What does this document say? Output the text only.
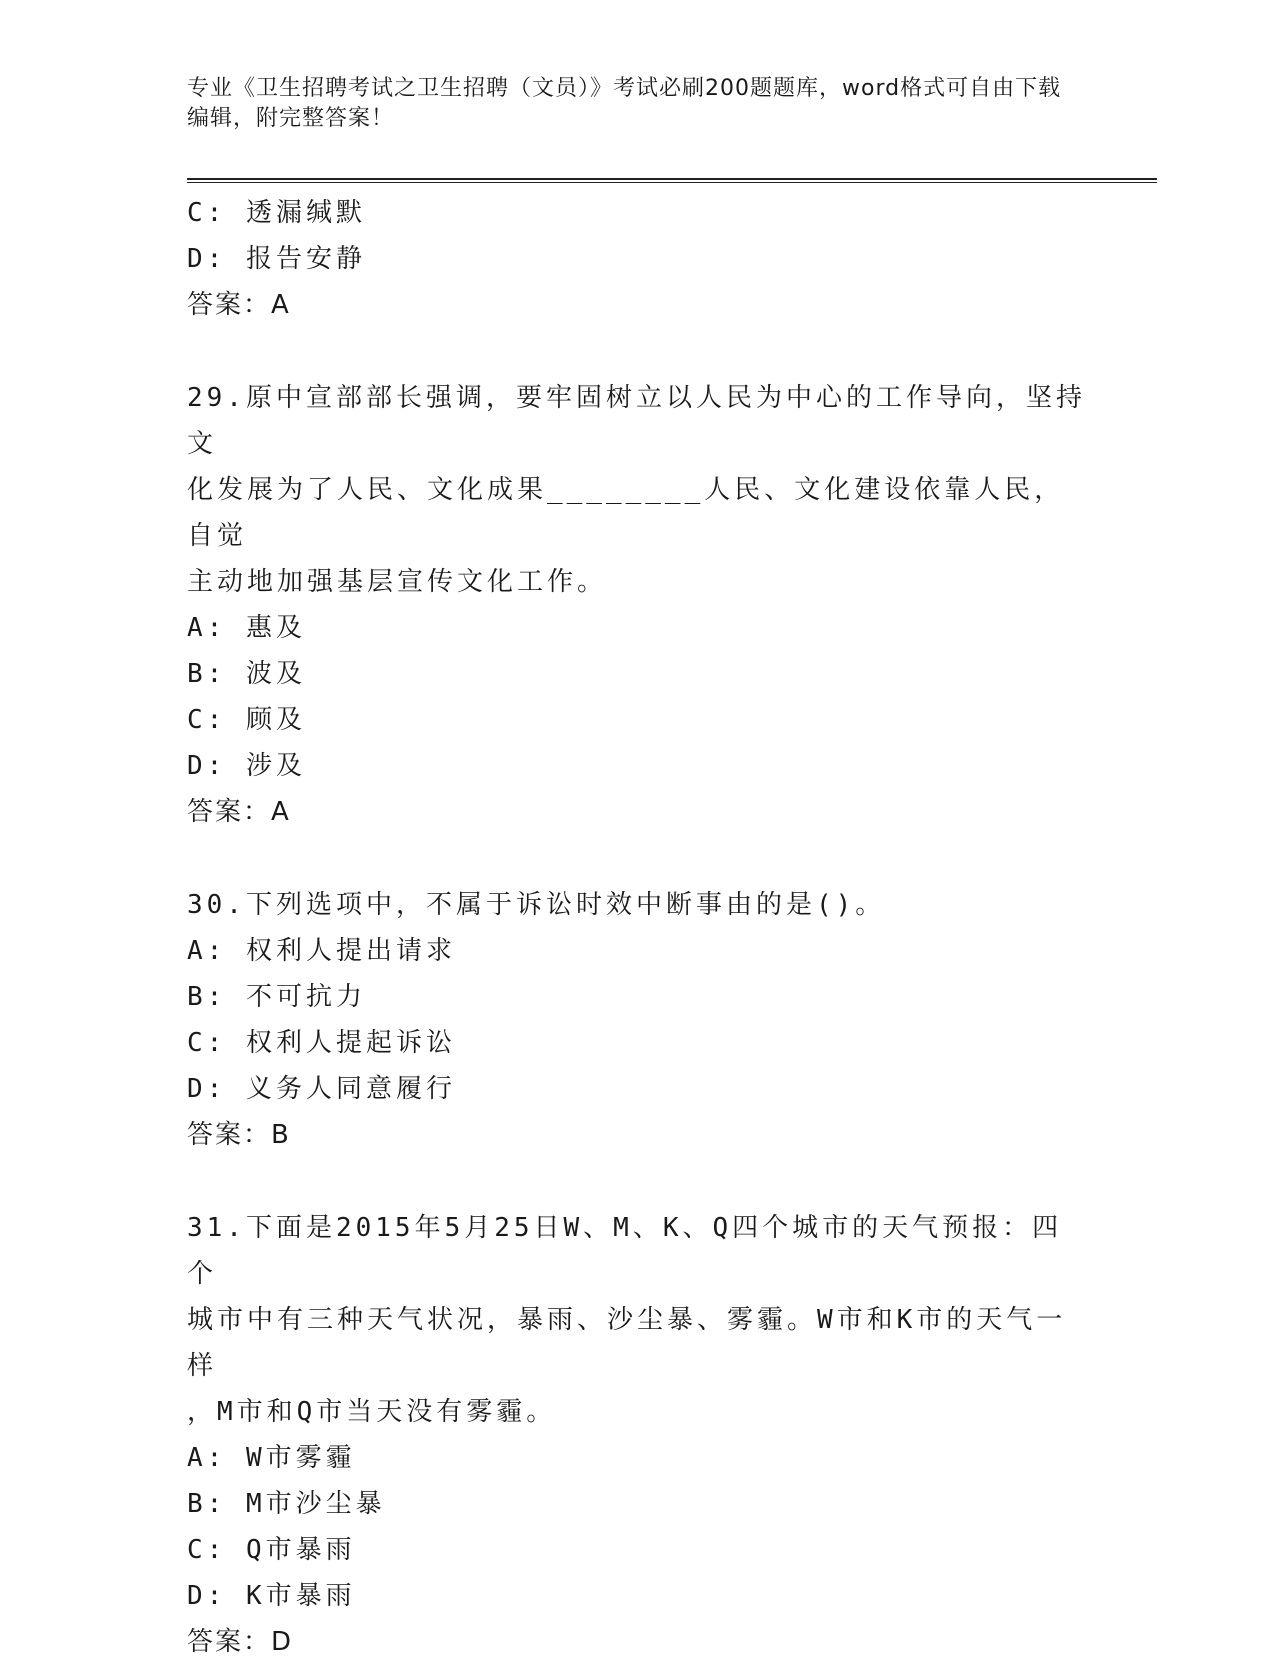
专业《卫生招聘考试之卫生招聘（文员）》考试必刷200题题库，word格式可自由下载编辑，附完整答案！
C: 透漏缄默
D: 报告安静
答案：A
29.原中宣部部长强调，要牢固树立以人民为中心的工作导向，坚持文
化发展为了人民、文化成果________人民、文化建设依靠人民，自觉
主动地加强基层宣传文化工作。
A: 惠及
B: 波及
C: 顾及
D: 涉及
答案：A
30.下列选项中，不属于诉讼时效中断事由的是()。
A: 权利人提出请求
B: 不可抗力
C: 权利人提起诉讼
D: 义务人同意履行
答案：B
31.下面是2015年5月25日W、M、K、Q四个城市的天气预报：四个
城市中有三种天气状况，暴雨、沙尘暴、雾霾。W市和K市的天气一样
，M市和Q市当天没有雾霾。
A: W市雾霾
B: M市沙尘暴
C: Q市暴雨
D: K市暴雨
答案：D
